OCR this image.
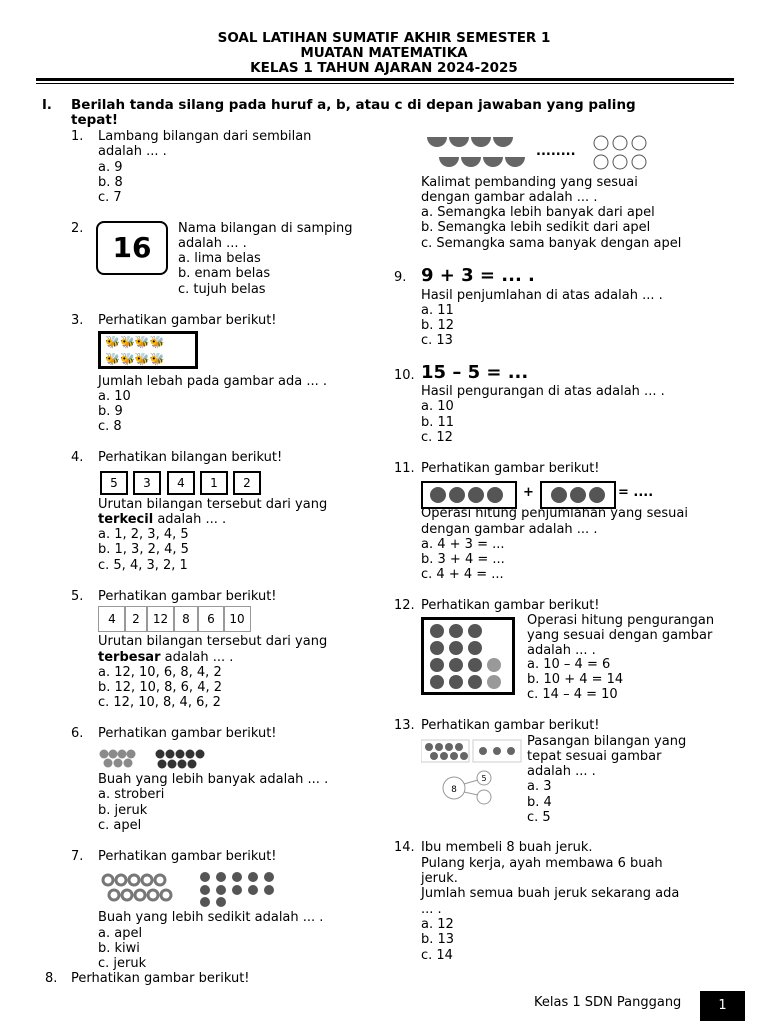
SOAL LATIHAN SUMATIF AKHIR SEMESTER 1
MUATAN MATEMATIKA
KELAS 1 TAHUN AJARAN 2024-2025
I. Berilah tanda silang pada huruf a, b, atau c di depan jawaban yang paling
tepat!
1. Lambang bilangan dari sembilan
adalah ... .
a. 9
b. 8
c. 7
2.
16
Nama bilangan di samping
adalah ... .
a. lima belas
b. enam belas
c. tujuh belas
3. Perhatikan gambar berikut!
🐝🐝🐝🐝
🐝🐝🐝🐝
Jumlah lebah pada gambar ada ... .
a. 10
b. 9
c. 8
4. Perhatikan bilangan berikut!
5	3	4	1	2
Urutan bilangan tersebut dari yang
terkecil adalah ... .
a. 1, 2, 3, 4, 5
b. 1, 3, 2, 4, 5
c. 5, 4, 3, 2, 1
5. Perhatikan gambar berikut!
4	2	12	8	6	10
Urutan bilangan tersebut dari yang
terbesar adalah ... .
a. 12, 10, 6, 8, 4, 2
b. 12, 10, 8, 6, 4, 2
c. 12, 10, 8, 4, 6, 2
6. Perhatikan gambar berikut!
Buah yang lebih banyak adalah ... .
a. stroberi
b. jeruk
c. apel
7. Perhatikan gambar berikut!
Buah yang lebih sedikit adalah ... .
a. apel
b. kiwi
c. jeruk
8. Perhatikan gambar berikut!
........
Kalimat pembanding yang sesuai
dengan gambar adalah ... .
a. Semangka lebih banyak dari apel
b. Semangka lebih sedikit dari apel
c. Semangka sama banyak dengan apel
9. 9 + 3 = ... .
Hasil penjumlahan di atas adalah ... .
a. 11
b. 12
c. 13
10. 15 – 5 = ...
Hasil pengurangan di atas adalah ... .
a. 10
b. 11
c. 12
11. Perhatikan gambar berikut!
+	= ....
Operasi hitung penjumlahan yang sesuai
dengan gambar adalah ... .
a. 4 + 3 = ...
b. 3 + 4 = ...
c. 4 + 4 = ...
12. Perhatikan gambar berikut!
Operasi hitung pengurangan
yang sesuai dengan gambar
adalah ... .
a. 10 – 4 = 6
b. 10 + 4 = 14
c. 14 – 4 = 10
13. Perhatikan gambar berikut!
8
5
Pasangan bilangan yang
tepat sesuai gambar
adalah ... .
a. 3
b. 4
c. 5
14. Ibu membeli 8 buah jeruk.
Pulang kerja, ayah membawa 6 buah
jeruk.
Jumlah semua buah jeruk sekarang ada
... .
a. 12
b. 13
c. 14
Kelas 1 SDN Panggang	1
